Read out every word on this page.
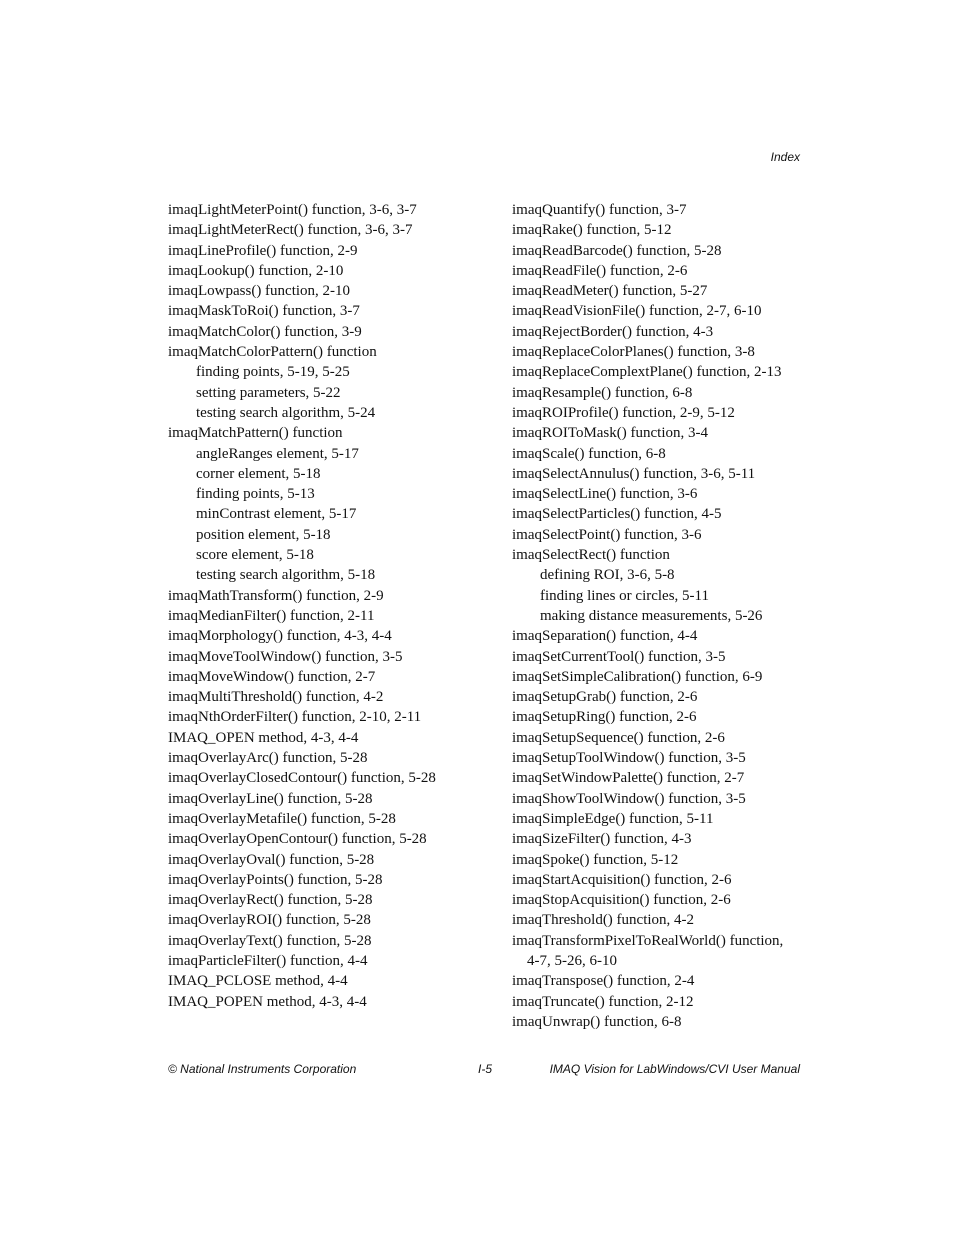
Index
imaqLightMeterPoint() function, 3-6, 3-7
imaqLightMeterRect() function, 3-6, 3-7
imaqLineProfile() function, 2-9
imaqLookup() function, 2-10
imaqLowpass() function, 2-10
imaqMaskToRoi() function, 3-7
imaqMatchColor() function, 3-9
imaqMatchColorPattern() function
finding points, 5-19, 5-25
setting parameters, 5-22
testing search algorithm, 5-24
imaqMatchPattern() function
angleRanges element, 5-17
corner element, 5-18
finding points, 5-13
minContrast element, 5-17
position element, 5-18
score element, 5-18
testing search algorithm, 5-18
imaqMathTransform() function, 2-9
imaqMedianFilter() function, 2-11
imaqMorphology() function, 4-3, 4-4
imaqMoveToolWindow() function, 3-5
imaqMoveWindow() function, 2-7
imaqMultiThreshold() function, 4-2
imaqNthOrderFilter() function, 2-10, 2-11
IMAQ_OPEN method, 4-3, 4-4
imaqOverlayArc() function, 5-28
imaqOverlayClosedContour() function, 5-28
imaqOverlayLine() function, 5-28
imaqOverlayMetafile() function, 5-28
imaqOverlayOpenContour() function, 5-28
imaqOverlayOval() function, 5-28
imaqOverlayPoints() function, 5-28
imaqOverlayRect() function, 5-28
imaqOverlayROI() function, 5-28
imaqOverlayText() function, 5-28
imaqParticleFilter() function, 4-4
IMAQ_PCLOSE method, 4-4
IMAQ_POPEN method, 4-3, 4-4
imaqQuantify() function, 3-7
imaqRake() function, 5-12
imaqReadBarcode() function, 5-28
imaqReadFile() function, 2-6
imaqReadMeter() function, 5-27
imaqReadVisionFile() function, 2-7, 6-10
imaqRejectBorder() function, 4-3
imaqReplaceColorPlanes() function, 3-8
imaqReplaceComplextPlane() function, 2-13
imaqResample() function, 6-8
imaqROIProfile() function, 2-9, 5-12
imaqROIToMask() function, 3-4
imaqScale() function, 6-8
imaqSelectAnnulus() function, 3-6, 5-11
imaqSelectLine() function, 3-6
imaqSelectParticles() function, 4-5
imaqSelectPoint() function, 3-6
imaqSelectRect() function
defining ROI, 3-6, 5-8
finding lines or circles, 5-11
making distance measurements, 5-26
imaqSeparation() function, 4-4
imaqSetCurrentTool() function, 3-5
imaqSetSimpleCalibration() function, 6-9
imaqSetupGrab() function, 2-6
imaqSetupRing() function, 2-6
imaqSetupSequence() function, 2-6
imaqSetupToolWindow() function, 3-5
imaqSetWindowPalette() function, 2-7
imaqShowToolWindow() function, 3-5
imaqSimpleEdge() function, 5-11
imaqSizeFilter() function, 4-3
imaqSpoke() function, 5-12
imaqStartAcquisition() function, 2-6
imaqStopAcquisition() function, 2-6
imaqThreshold() function, 4-2
imaqTransformPixelToRealWorld() function,
4-7, 5-26, 6-10
imaqTranspose() function, 2-4
imaqTruncate() function, 2-12
imaqUnwrap() function, 6-8
© National Instruments Corporation	I-5	IMAQ Vision for LabWindows/CVI User Manual
